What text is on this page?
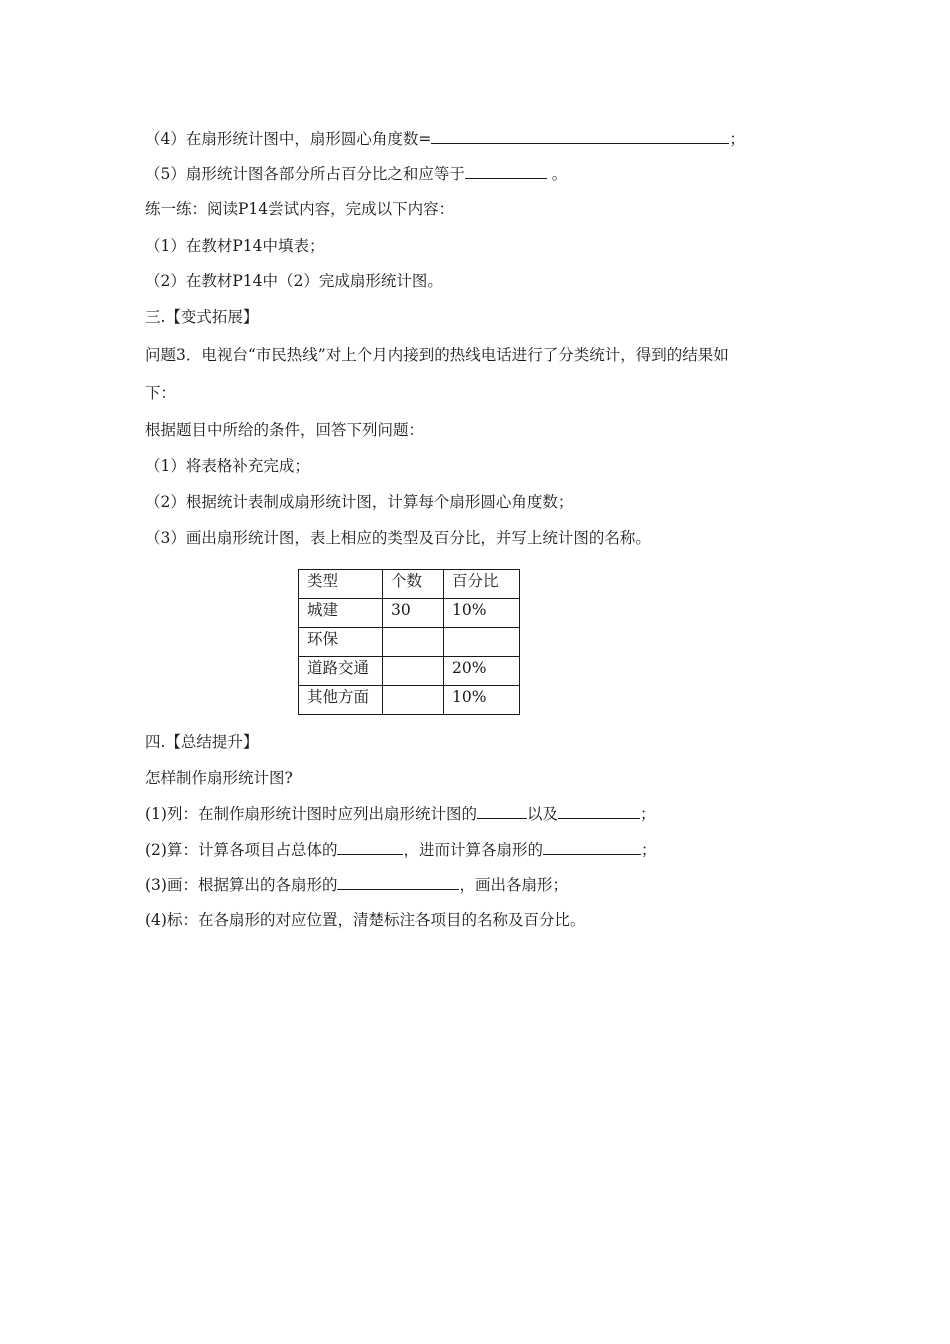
（4）在扇形统计图中，扇形圆心角度数=	；
（5）扇形统计图各部分所占百分比之和应等于	。
练一练：阅读P14尝试内容，完成以下内容：
（1）在教材P14中填表；
（2）在教材P14中（2）完成扇形统计图。
三.【变式拓展】
问题3．电视台“市民热线”对上个月内接到的热线电话进行了分类统计，得到的结果如
下：
根据题目中所给的条件，回答下列问题：
（1）将表格补充完成；
（2）根据统计表制成扇形统计图，计算每个扇形圆心角度数；
（3）画出扇形统计图，表上相应的类型及百分比，并写上统计图的名称。
类型	个数	百分比
城建	30	10%
环保		
道路交通		20%
其他方面		10%
四.【总结提升】
怎样制作扇形统计图?
(1)列：在制作扇形统计图时应列出扇形统计图的	以及	；
(2)算：计算各项目占总体的	，进而计算各扇形的	；
(3)画：根据算出的各扇形的	，画出各扇形；
(4)标：在各扇形的对应位置，清楚标注各项目的名称及百分比。
